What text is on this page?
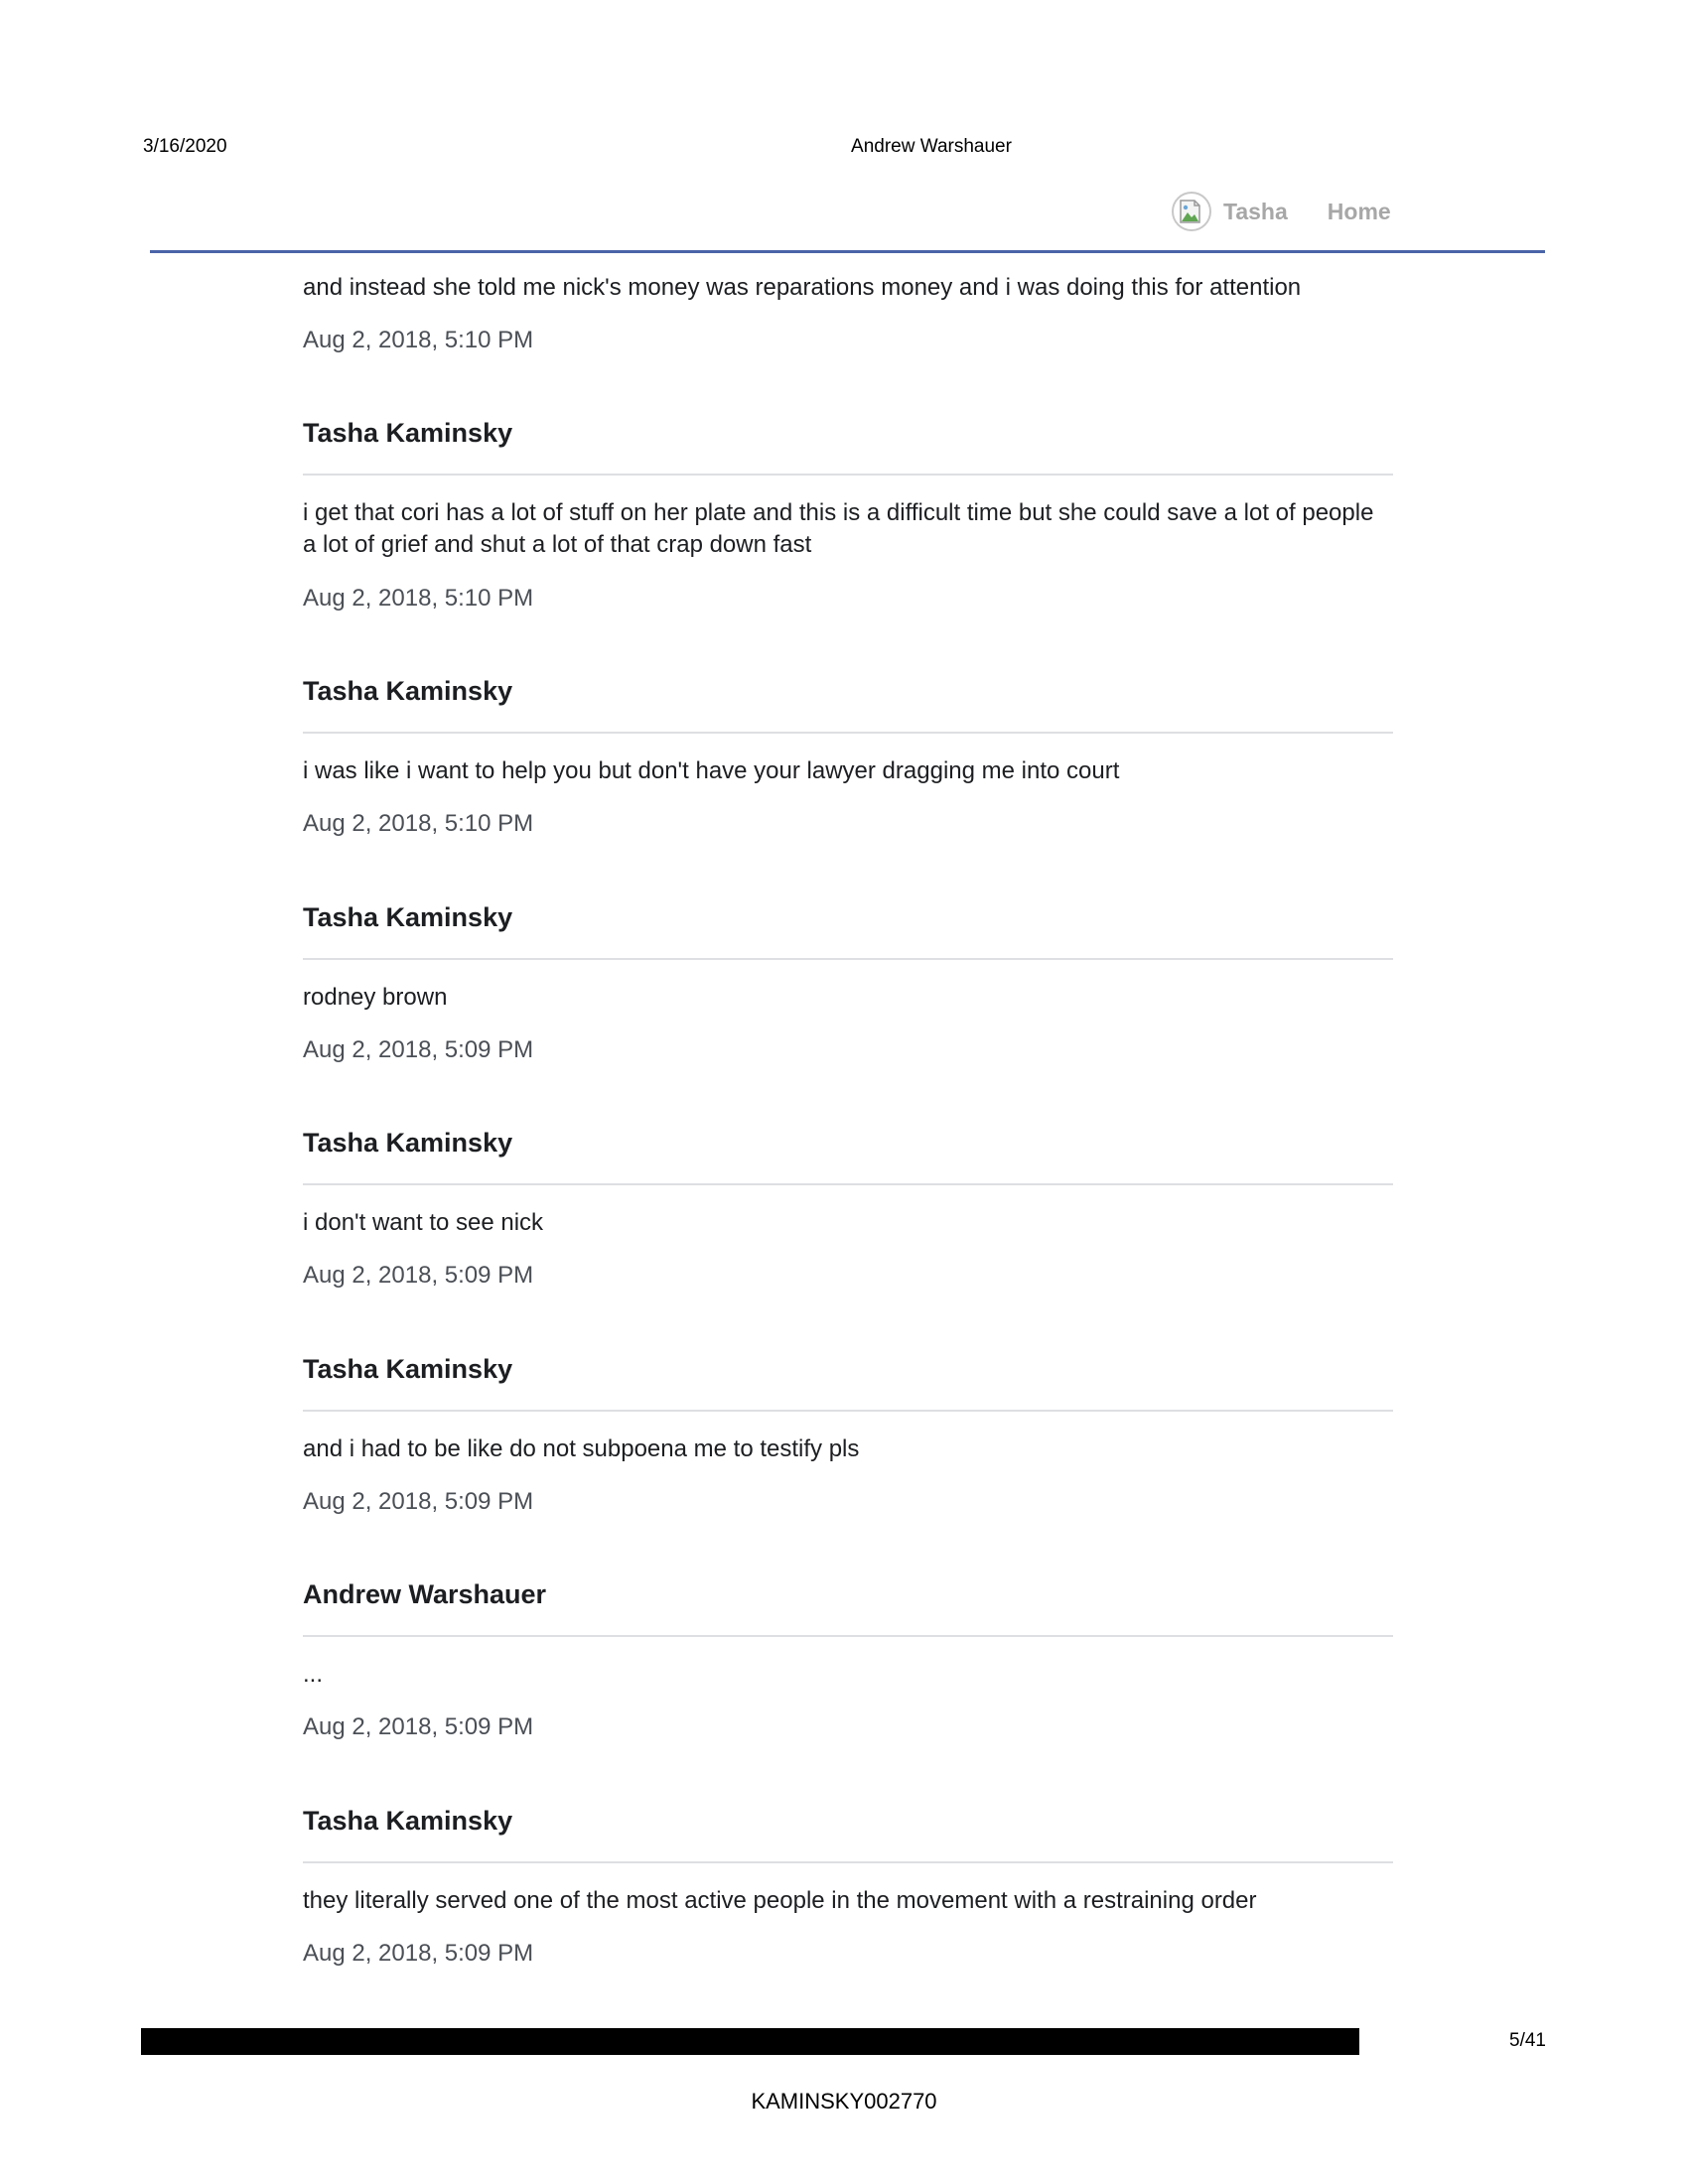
3/16/2020	Andrew Warshauer
Tasha Home
and instead she told me nick's money was reparations money and i was doing this for attention
Aug 2, 2018, 5:10 PM
Tasha Kaminsky
i get that cori has a lot of stuff on her plate and this is a difficult time but she could save a lot of people a lot of grief and shut a lot of that crap down fast
Aug 2, 2018, 5:10 PM
Tasha Kaminsky
i was like i want to help you but don't have your lawyer dragging me into court
Aug 2, 2018, 5:10 PM
Tasha Kaminsky
rodney brown
Aug 2, 2018, 5:09 PM
Tasha Kaminsky
i don't want to see nick
Aug 2, 2018, 5:09 PM
Tasha Kaminsky
and i had to be like do not subpoena me to testify pls
Aug 2, 2018, 5:09 PM
Andrew Warshauer
...
Aug 2, 2018, 5:09 PM
Tasha Kaminsky
they literally served one of the most active people in the movement with a restraining order
Aug 2, 2018, 5:09 PM
5/41
KAMINSKY002770
